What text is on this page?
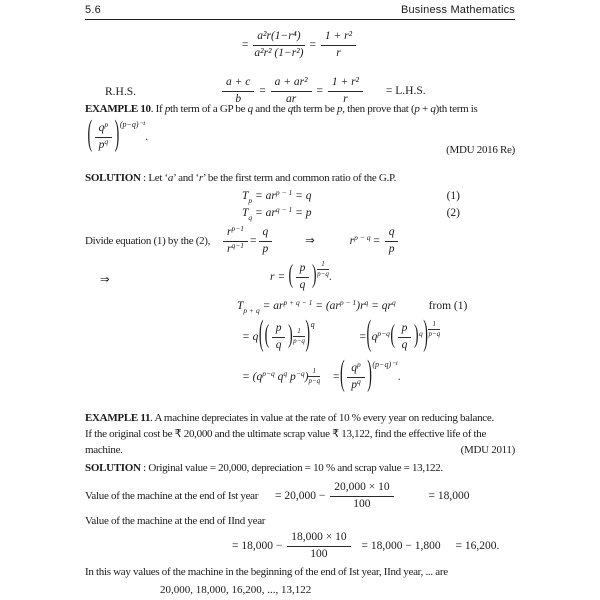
5.6	Business Mathematics
= $\frac{\text{a²r(1−r⁴)}}{\text{a²r² (1−r²)}} = \frac{\text{1 + r²}}{r}$
R.H.S.	$\frac{a + c}{b} = \frac{\text{a + ar²}}{ar} = \frac{\text{1 + r²}}{r} = L.H.S$.
EXAMPLE 10. If pth term of a GP be q and the qth term be p, then prove that (p + q)th term is
( $\frac{q^p}{p^q} )^{(p-q)^{-1}}$.
(MDU 2016 Re)
SOLUTION : Let ‘a’ and ‘r’ be the first term and common ratio of the G.P.
$T_p = ar^{p - 1} = q$	(1)
$T_q = ar^{q - 1} = p$	(2)
Divide equation (1) by the (2), $\frac{r^{p-1}}{r^{q-1}} = \frac{q}{p}$	⇒	$r^{p - q} = \frac{q}{p}$
⇒	r = ( $\frac{p}{q}$ ) $\frac{1}{p-q}$ .
$T_{p + q} = ar^{p + q - 1} = (ar^{p - 1})r^q = qr^q$	from (1)
= $q(( \frac{p}{q}$ ) $\frac{1}{p-q} )^q =(q^{p-q}( \frac{p}{q} )^q) \frac{1}{p-q}$
= ($q^{p-q}$ $q^q$ $p^{-q}) \frac{1}{p-q}$ =( $\frac{q^p}{p^q} )^{(p-q)^{-1}}$.
EXAMPLE 11. A machine depreciates in value at the rate of 10 % every year on reducing balance.
If the original cost be ₹ 20,000 and the ultimate scrap value ₹ 13,122, find the effective life of the
machine.	(MDU 2011)
SOLUTION : Original value = 20,000, depreciation = 10 % and scrap value = 13,122.
Value of the machine at the end of Ist year = $20,000 - \frac{20,000 \times 10}{100}$	= 18,000
Value of the machine at the end of IInd year
= $18,000 - \frac{18,000 \times 10}{100} = 18,000 - 1,800 = 16,200$.
In this way values of the machine in the beginning of the end of Ist year, IInd year, ... are
20,000, 18,000, 16,200, ..., 13,122
